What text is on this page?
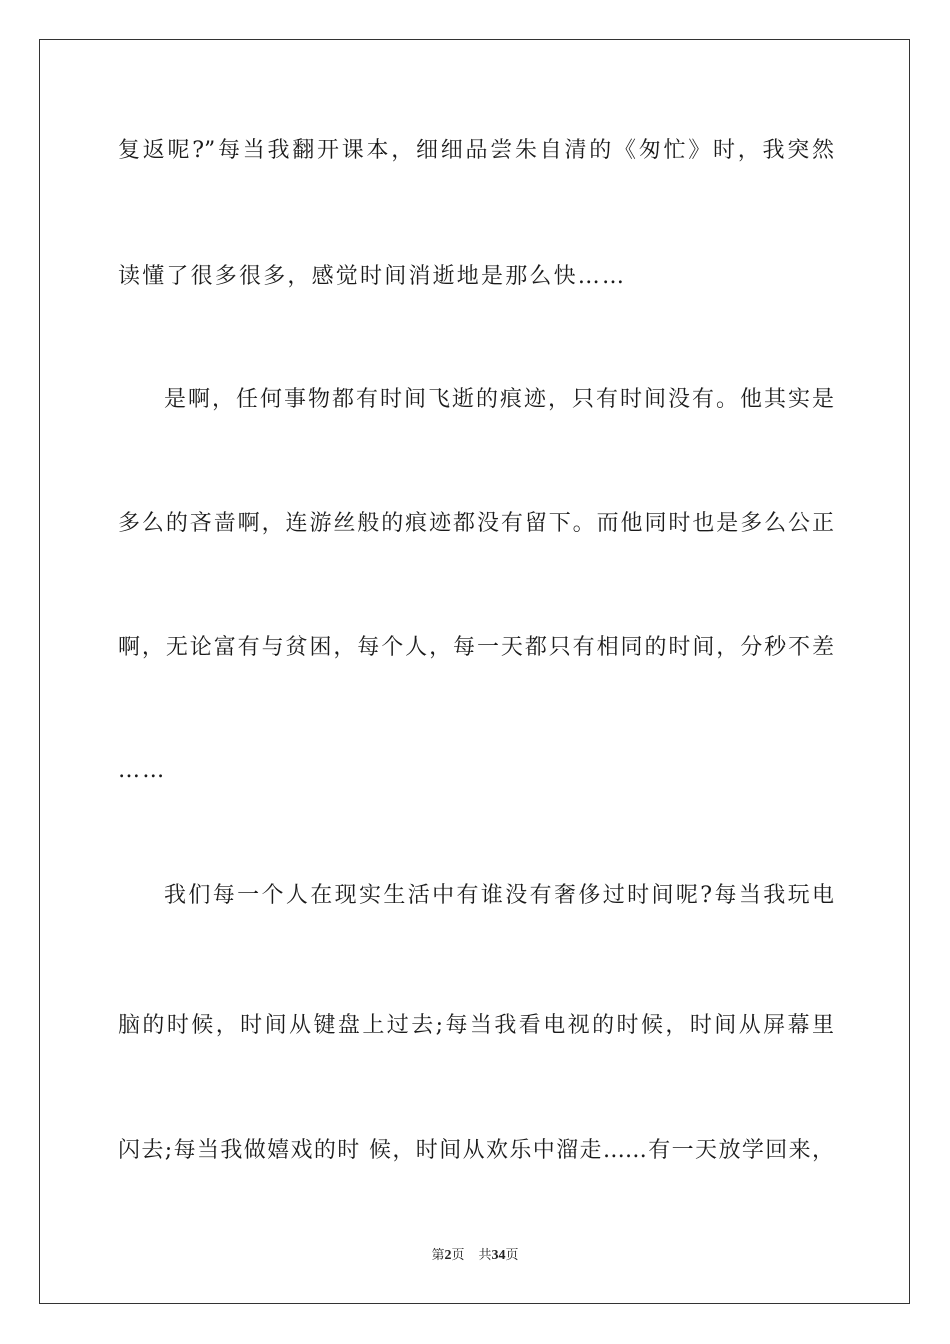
复返呢?”每当我翻开课本，细细品尝朱自清的《匆忙》时，我突然
读懂了很多很多，感觉时间消逝地是那么快……
是啊，任何事物都有时间飞逝的痕迹，只有时间没有。他其实是
多么的吝啬啊，连游丝般的痕迹都没有留下。而他同时也是多么公正
啊，无论富有与贫困，每个人，每一天都只有相同的时间，分秒不差
……
我们每一个人在现实生活中有谁没有奢侈过时间呢?每当我玩电
脑的时候，时间从键盘上过去;每当我看电视的时候，时间从屏幕里
闪去;每当我做嬉戏的时 候，时间从欢乐中溜走……有一天放学回来，
第2页 共34页
